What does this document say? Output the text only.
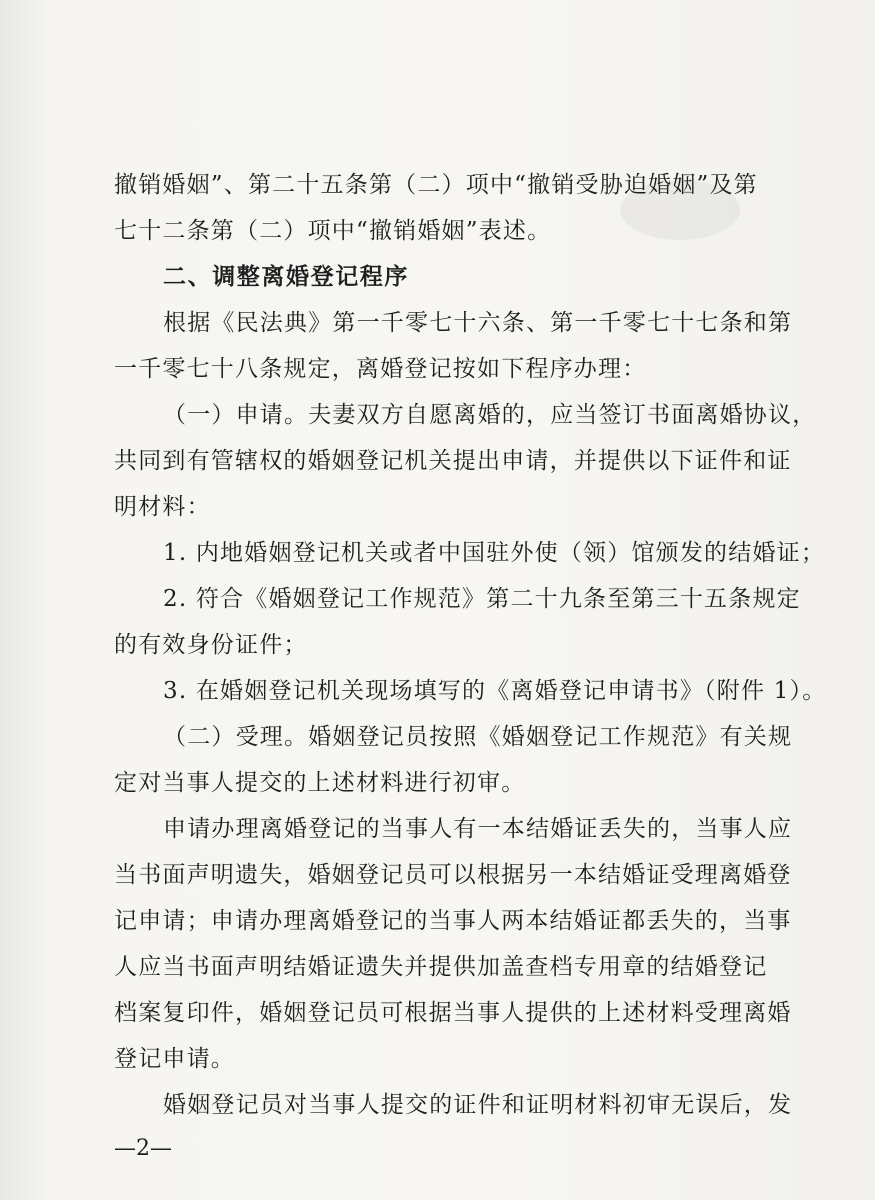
撤销婚姻”、第二十五条第（二）项中“撤销受胁迫婚姻”及第
七十二条第（二）项中“撤销婚姻”表述。
二、调整离婚登记程序
根据《民法典》第一千零七十六条、第一千零七十七条和第
一千零七十八条规定，离婚登记按如下程序办理：
（一）申请。夫妻双方自愿离婚的，应当签订书面离婚协议，
共同到有管辖权的婚姻登记机关提出申请，并提供以下证件和证
明材料：
1. 内地婚姻登记机关或者中国驻外使（领）馆颁发的结婚证；
2. 符合《婚姻登记工作规范》第二十九条至第三十五条规定
的有效身份证件；
3. 在婚姻登记机关现场填写的《离婚登记申请书》（附件 1）。
（二）受理。婚姻登记员按照《婚姻登记工作规范》有关规
定对当事人提交的上述材料进行初审。
申请办理离婚登记的当事人有一本结婚证丢失的，当事人应
当书面声明遗失，婚姻登记员可以根据另一本结婚证受理离婚登
记申请；申请办理离婚登记的当事人两本结婚证都丢失的，当事
人应当书面声明结婚证遗失并提供加盖查档专用章的结婚登记
档案复印件，婚姻登记员可根据当事人提供的上述材料受理离婚
登记申请。
婚姻登记员对当事人提交的证件和证明材料初审无误后，发
—2—
